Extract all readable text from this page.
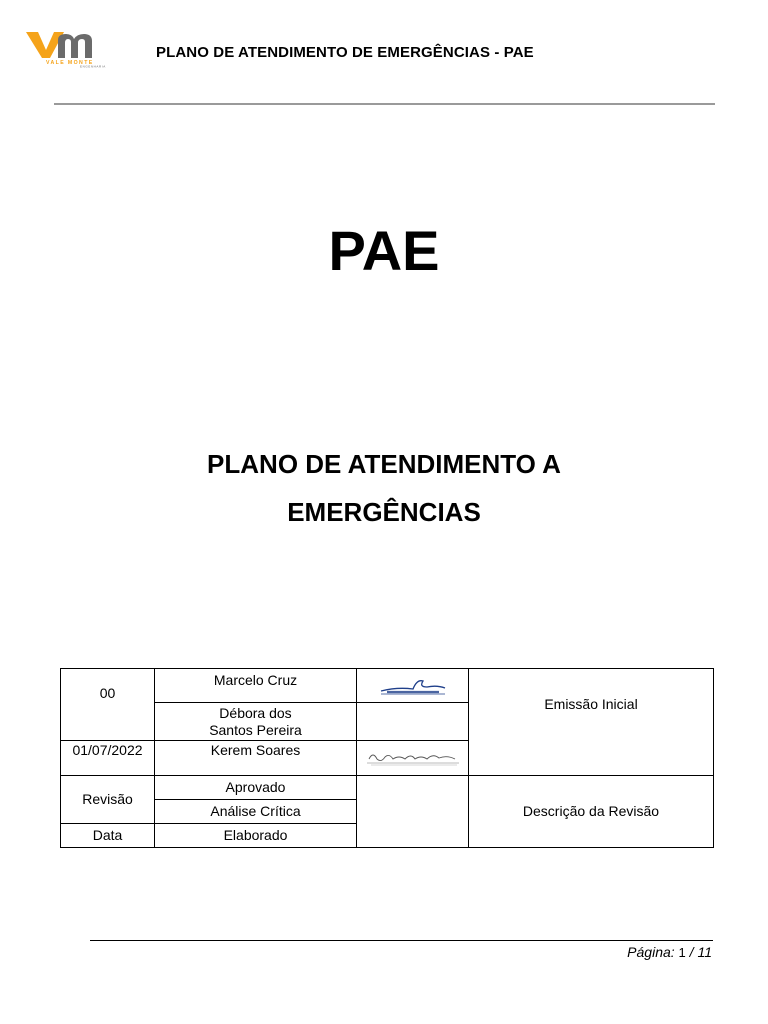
VALE MONTE
ENGENHARIA
PLANO DE ATENDIMENTO DE EMERGÊNCIAS - PAE
PAE
PLANO DE ATENDIMENTO A
EMERGÊNCIAS
00	Marcelo Cruz		Emissão Inicial
	Débora dos Santos Pereira		
01/07/2022	Kerem Soares	

Revisão	Aprovado		Descrição da Revisão
	Análise Crítica		
Data	Elaborado		
Página: 1 / 11
